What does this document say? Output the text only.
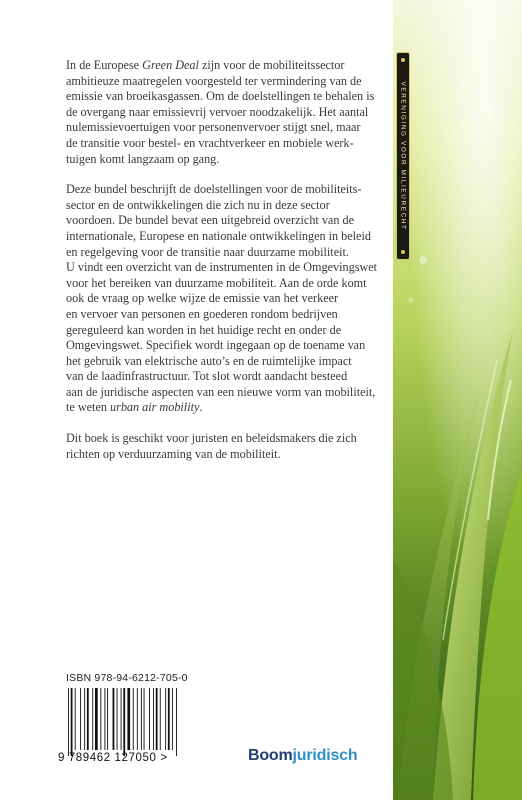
VERENIGING VOOR MILIEURECHT

In de Europese Green Deal zijn voor de mobiliteitssector
ambitieuze maatregelen voorgesteld ter vermindering van de
emissie van broeikasgassen. Om de doelstellingen te behalen is
de overgang naar emissievrij vervoer noodzakelijk. Het aantal
nulemissievoertuigen voor personenvervoer stijgt snel, maar
de transitie voor bestel- en vrachtverkeer en mobiele werk-
tuigen komt langzaam op gang.

Deze bundel beschrijft de doelstellingen voor de mobiliteits-
sector en de ontwikkelingen die zich nu in deze sector
voordoen. De bundel bevat een uitgebreid overzicht van de
internationale, Europese en nationale ontwikkelingen in beleid
en regelgeving voor de transitie naar duurzame mobiliteit.
U vindt een overzicht van de instrumenten in de Omgevingswet
voor het bereiken van duurzame mobiliteit. Aan de orde komt
ook de vraag op welke wijze de emissie van het verkeer
en vervoer van personen en goederen rondom bedrijven
gereguleerd kan worden in het huidige recht en onder de
Omgevingswet. Specifiek wordt ingegaan op de toename van
het gebruik van elektrische auto’s en de ruimtelijke impact
van de laadinfrastructuur. Tot slot wordt aandacht besteed
aan de juridische aspecten van een nieuwe vorm van mobiliteit,
te weten urban air mobility.

Dit boek is geschikt voor juristen en beleidsmakers die zich
richten op verduurzaming van de mobiliteit.

ISBN 978-94-6212-705-0
9 789462 127050 >	Boomjuridisch
